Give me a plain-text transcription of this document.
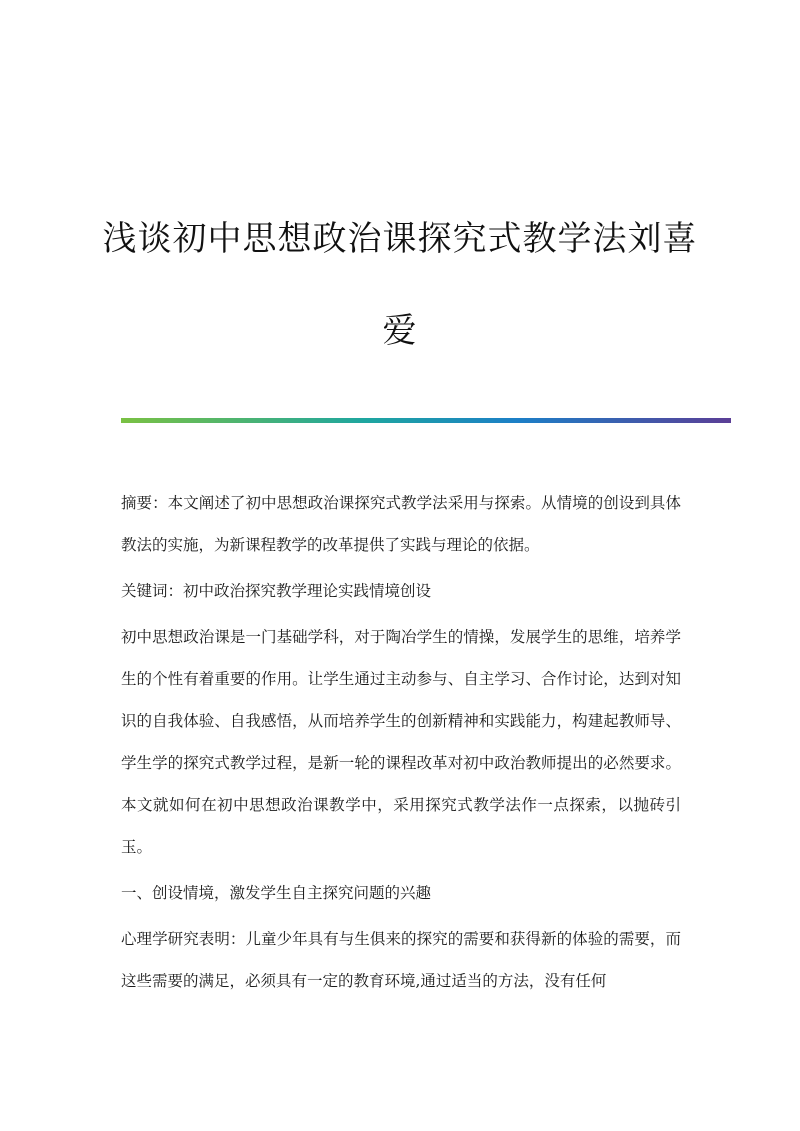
浅谈初中思想政治课探究式教学法刘喜爱

摘要：本文阐述了初中思想政治课探究式教学法采用与探索。从情境的创设到具体教法的实施，为新课程教学的改革提供了实践与理论的依据。

关键词：初中政治探究教学理论实践情境创设

初中思想政治课是一门基础学科，对于陶冶学生的情操，发展学生的思维，培养学生的个性有着重要的作用。让学生通过主动参与、自主学习、合作讨论，达到对知识的自我体验、自我感悟，从而培养学生的创新精神和实践能力，构建起教师导、学生学的探究式教学过程，是新一轮的课程改革对初中政治教师提出的必然要求。本文就如何在初中思想政治课教学中，采用探究式教学法作一点探索，以抛砖引玉。

一、创设情境，激发学生自主探究问题的兴趣

心理学研究表明：儿童少年具有与生俱来的探究的需要和获得新的体验的需要，而这些需要的满足，必须具有一定的教育环境,通过适当的方法，没有任何
